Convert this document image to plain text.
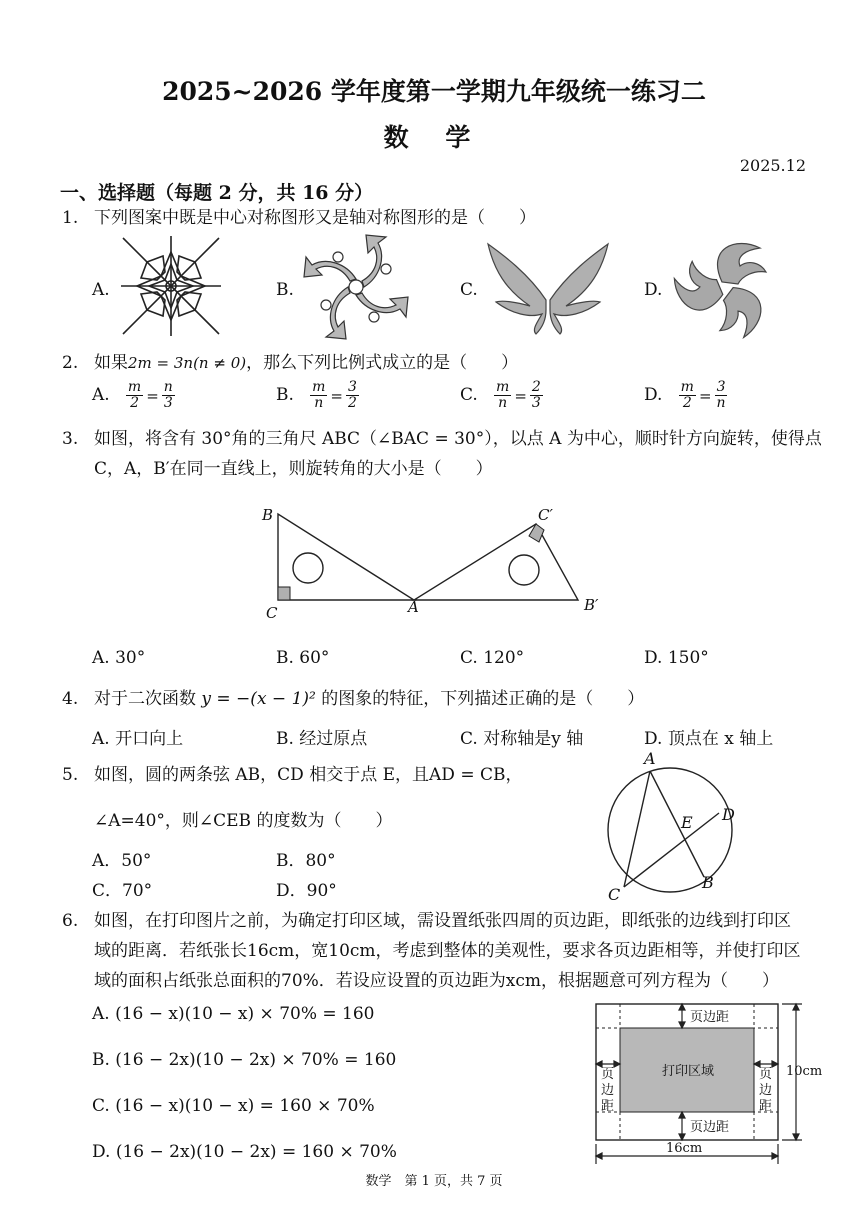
2025~2026 学年度第一学期九年级统一练习二
数 学
2025.12
一、选择题（每题 2 分，共 16 分）
1. 下列图案中既是中心对称图形又是轴对称图形的是（　　）
A.	B.	C.	D.
2. 如果2m = 3n(n ≠ 0)，那么下列比例式成立的是（　　）
A. $\frac{m}{2} = \frac{n}{3}$	B. $\frac{m}{n} = \frac{3}{2}$	C. $\frac{m}{n} = \frac{2}{3}$	D. $\frac{m}{2} = \frac{3}{n}$
3. 如图，将含有 30°角的三角尺 ABC（∠BAC = 30°），以点 A 为中心，顺时针方向旋转，使得点
C，A，B′在同一直线上，则旋转角的大小是（　　）
B
C	A
C′
B′
A. 30°	B. 60°	C. 120°	D. 150°
4. 对于二次函数 y = −(x − 1)² 的图象的特征，下列描述正确的是（　　）
A. 开口向上	B. 经过原点	C. 对称轴是y 轴	D. 顶点在 x 轴上
5. 如图，圆的两条弦 AB，CD 相交于点 E，且AD = CB，
∠A=40°，则∠CEB 的度数为（　　）
A．50°	B．80°
C．70°	D．90°
A
D
E
B
C
6. 如图，在打印图片之前，为确定打印区域，需设置纸张四周的页边距，即纸张的边线到打印区
域的距离．若纸张长16cm，宽10cm，考虑到整体的美观性，要求各页边距相等，并使打印区
域的面积占纸张总面积的70%．若设应设置的页边距为xcm，根据题意可列方程为（　　）
A. (16 − x)(10 − x) × 70% = 160
B. (16 − 2x)(10 − 2x) × 70% = 160
C. (16 − x)(10 − x) = 160 × 70%
D. (16 − 2x)(10 − 2x) = 160 × 70%
页边距
页边距
打印区域
页
边
距
页
边
距
10cm
16cm
数学　第 1 页，共 7 页
